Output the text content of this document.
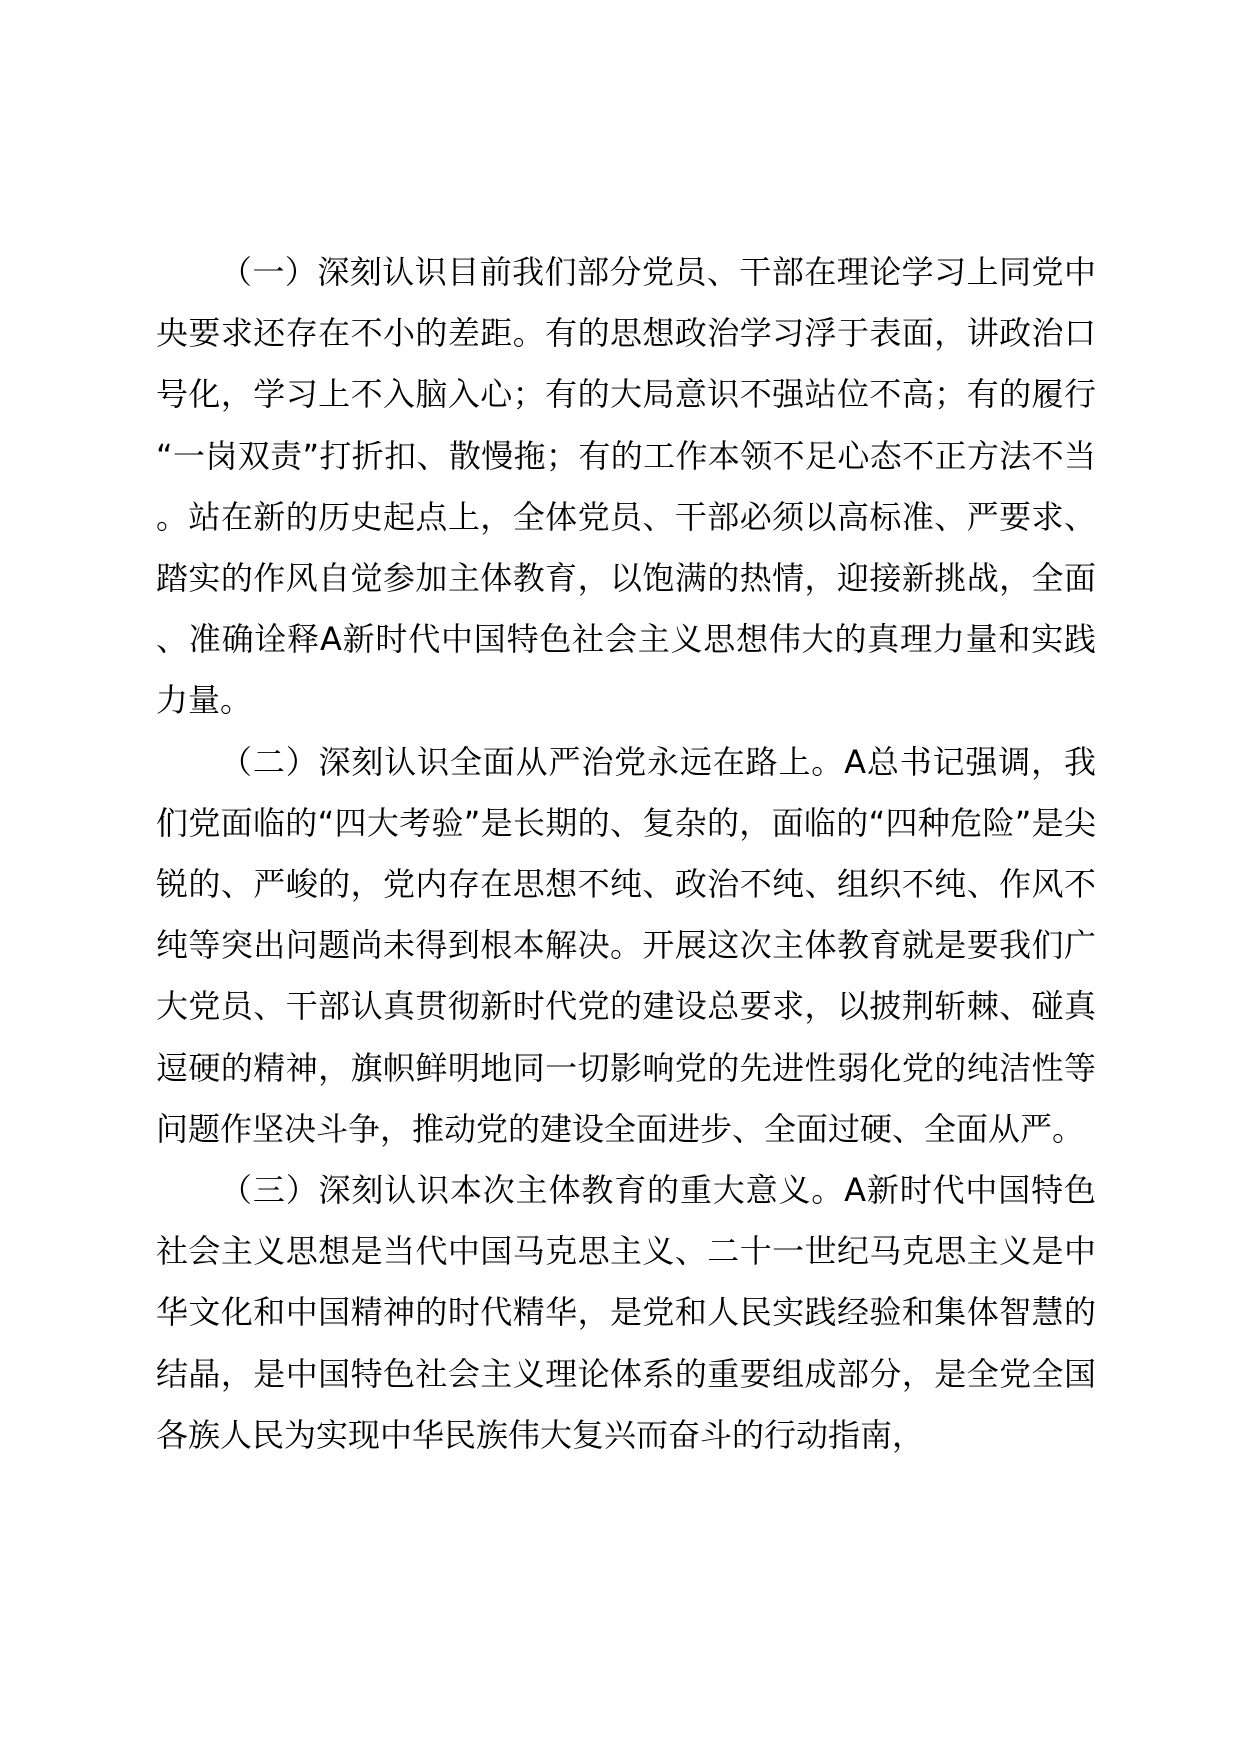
（一）深刻认识目前我们部分党员、干部在理论学习上同党中央要求还存在不小的差距。有的思想政治学习浮于表面，讲政治口号化，学习上不入脑入心；有的大局意识不强站位不高；有的履行“一岗双责”打折扣、散慢拖；有的工作本领不足心态不正方法不当。站在新的历史起点上，全体党员、干部必须以高标准、严要求、踏实的作风自觉参加主体教育，以饱满的热情，迎接新挑战，全面、准确诠释A新时代中国特色社会主义思想伟大的真理力量和实践力量。

（二）深刻认识全面从严治党永远在路上。A总书记强调，我们党面临的“四大考验”是长期的、复杂的，面临的“四种危险”是尖锐的、严峻的，党内存在思想不纯、政治不纯、组织不纯、作风不纯等突出问题尚未得到根本解决。开展这次主体教育就是要我们广大党员、干部认真贯彻新时代党的建设总要求，以披荆斩棘、碰真逗硬的精神，旗帜鲜明地同一切影响党的先进性弱化党的纯洁性等问题作坚决斗争，推动党的建设全面进步、全面过硬、全面从严。

（三）深刻认识本次主体教育的重大意义。A新时代中国特色社会主义思想是当代中国马克思主义、二十一世纪马克思主义是中华文化和中国精神的时代精华，是党和人民实践经验和集体智慧的结晶，是中国特色社会主义理论体系的重要组成部分，是全党全国各族人民为实现中华民族伟大复兴而奋斗的行动指南，
